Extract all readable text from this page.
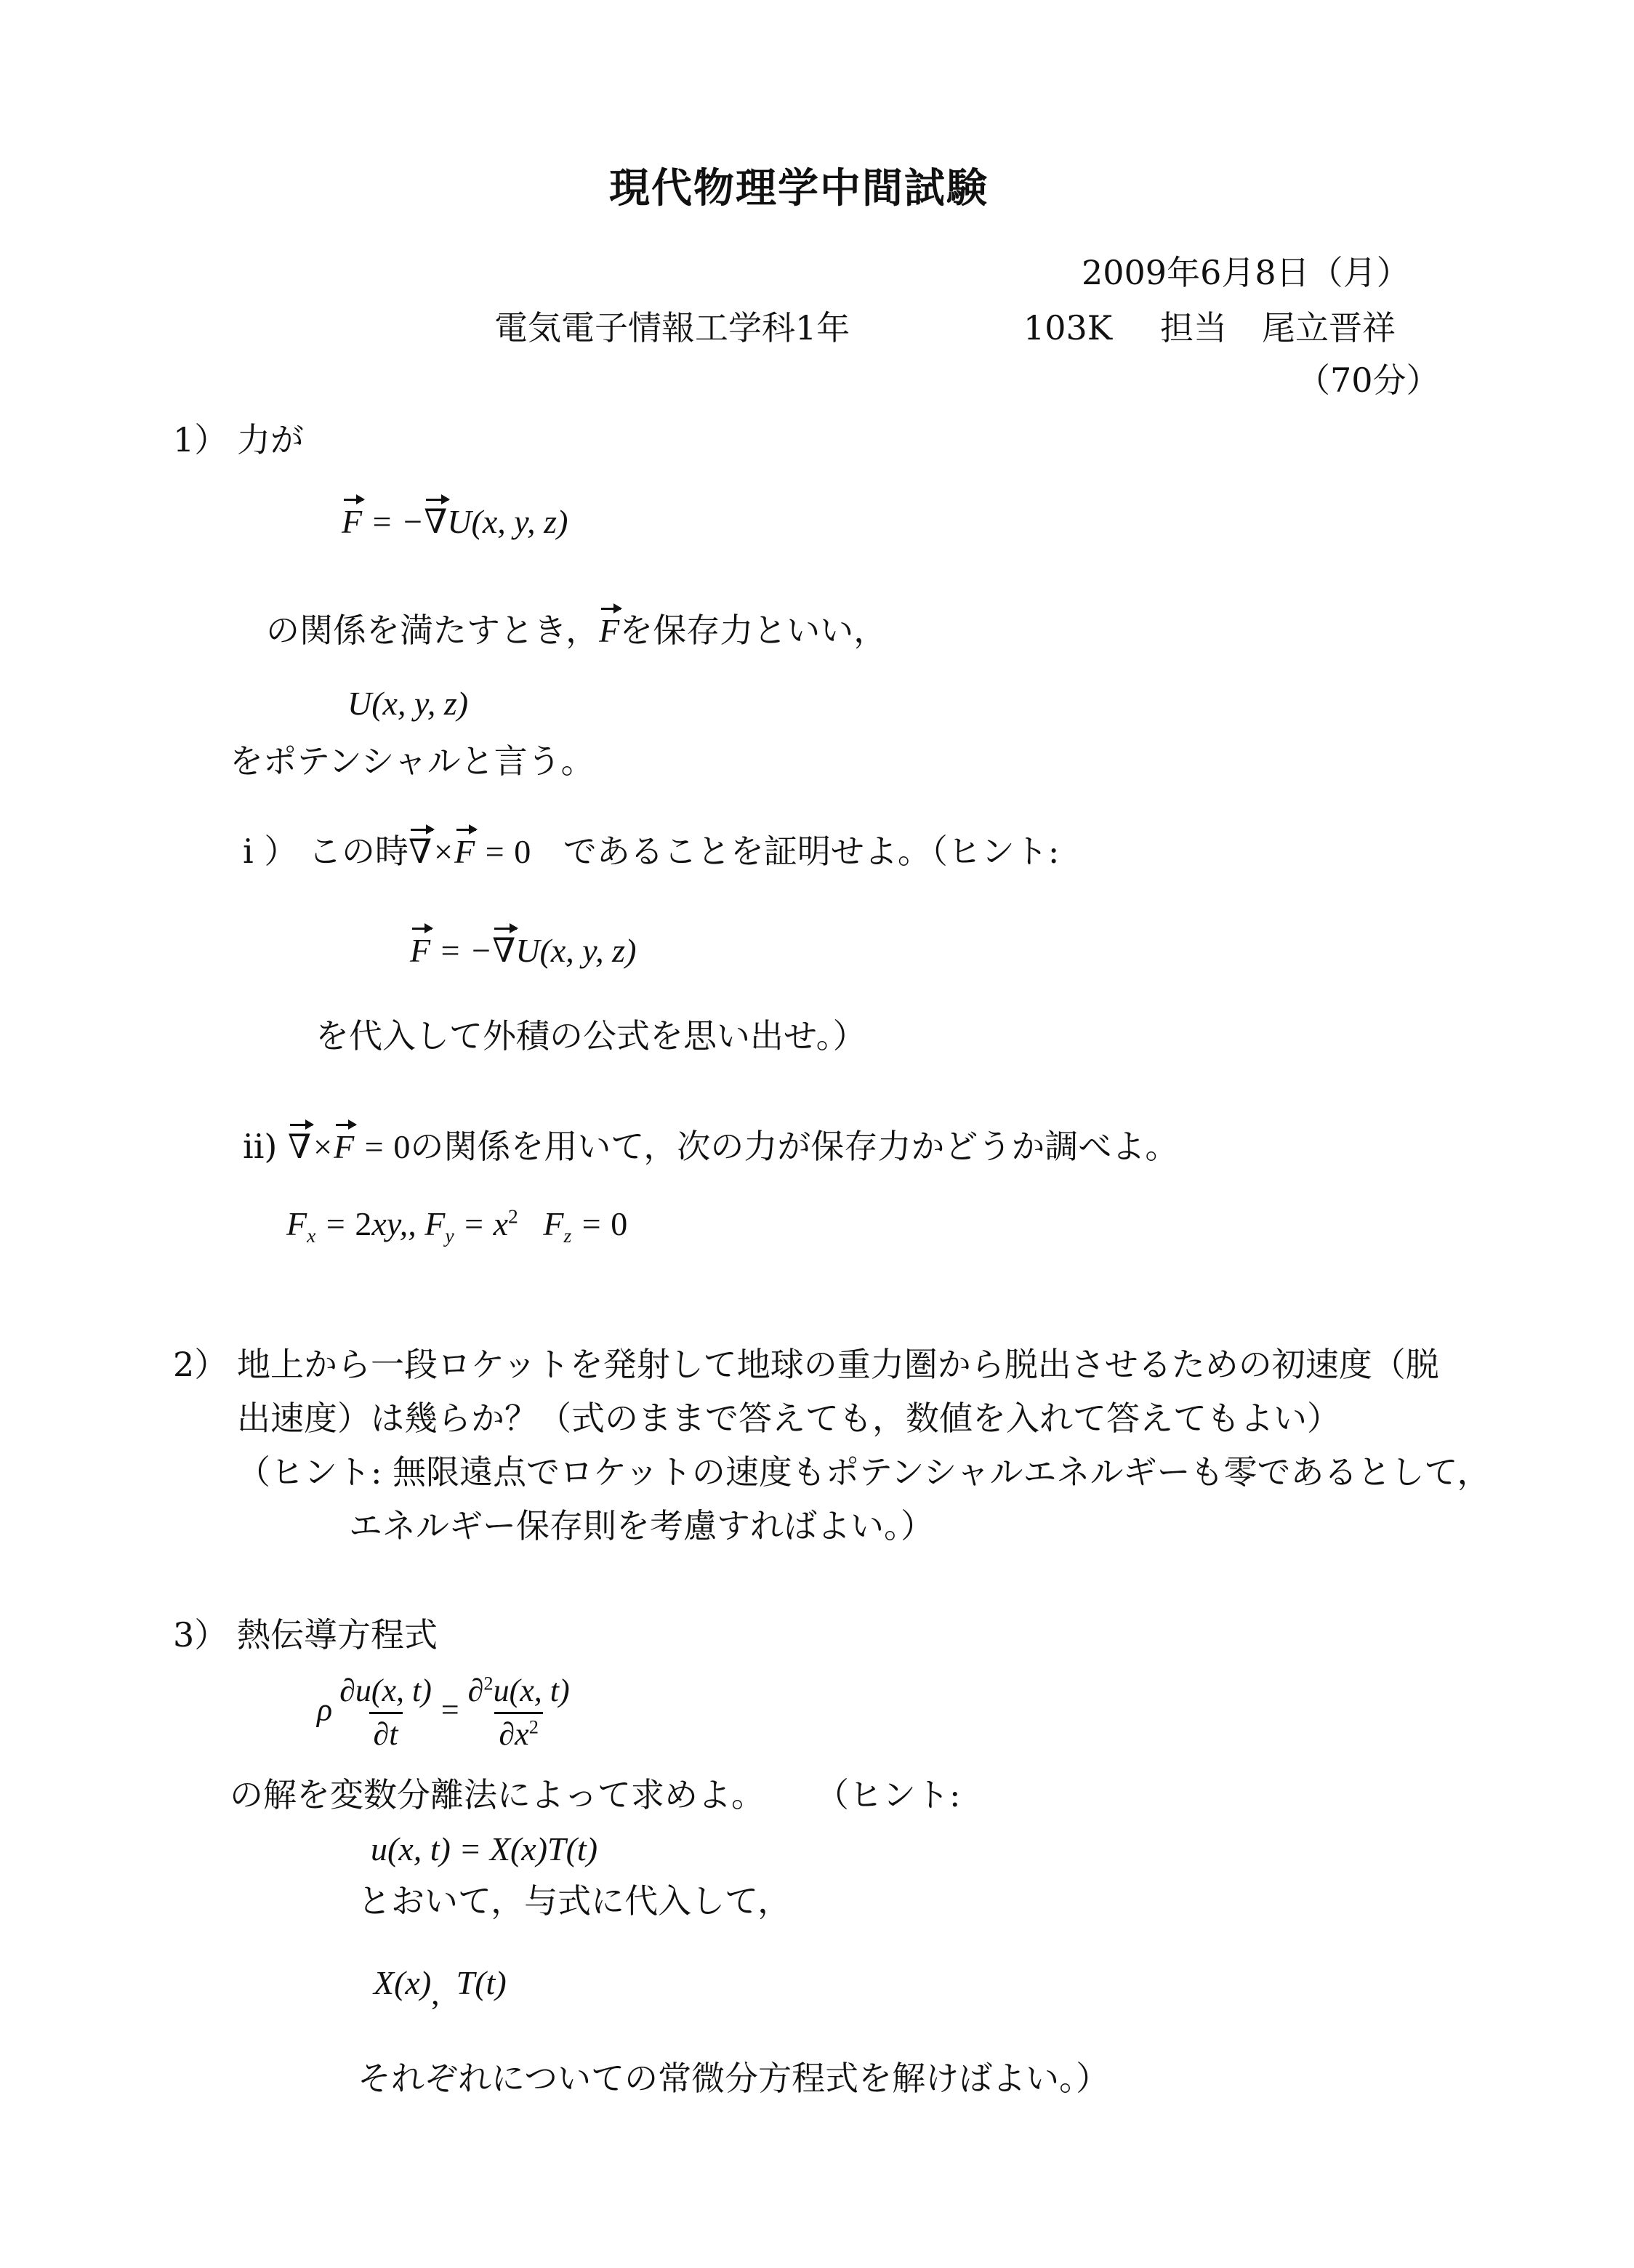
現代物理学中間試験
2009年6月8日（月）
電気電子情報工学科1年	103K 担当 尾立晋祥
（70分）
1） 力が
F = −∇U(x, y, z)
の関係を満たすとき，Fを保存力といい，
U(x, y, z)
をポテンシャルと言う。
i ） この時∇×F = 0 であることを証明せよ。（ヒント:
F = −∇U(x, y, z)
を代入して外積の公式を思い出せ。）
ii) ∇×F = 0の関係を用いて，次の力が保存力かどうか調べよ。
$F_x = 2xy$,, $F_y = x^2$   $F_z = 0$
2） 地上から一段ロケットを発射して地球の重力圏から脱出させるための初速度（脱
出速度）は幾らか？（式のままで答えても，数値を入れて答えてもよい）
（ヒント: 無限遠点でロケットの速度もポテンシャルエネルギーも零であるとして，
エネルギー保存則を考慮すればよい。）
3） 熱伝導方程式
ρ $\frac{\partial u(x, t)}{\partial t} = \frac{\partial^2u(x, t)}{\partial x^2}$
の解を変数分離法によって求めよ。 （ヒント:
u(x, t) = X(x)T(t)
とおいて，与式に代入して，
X(x),  T(t)
それぞれについての常微分方程式を解けばよい。）
